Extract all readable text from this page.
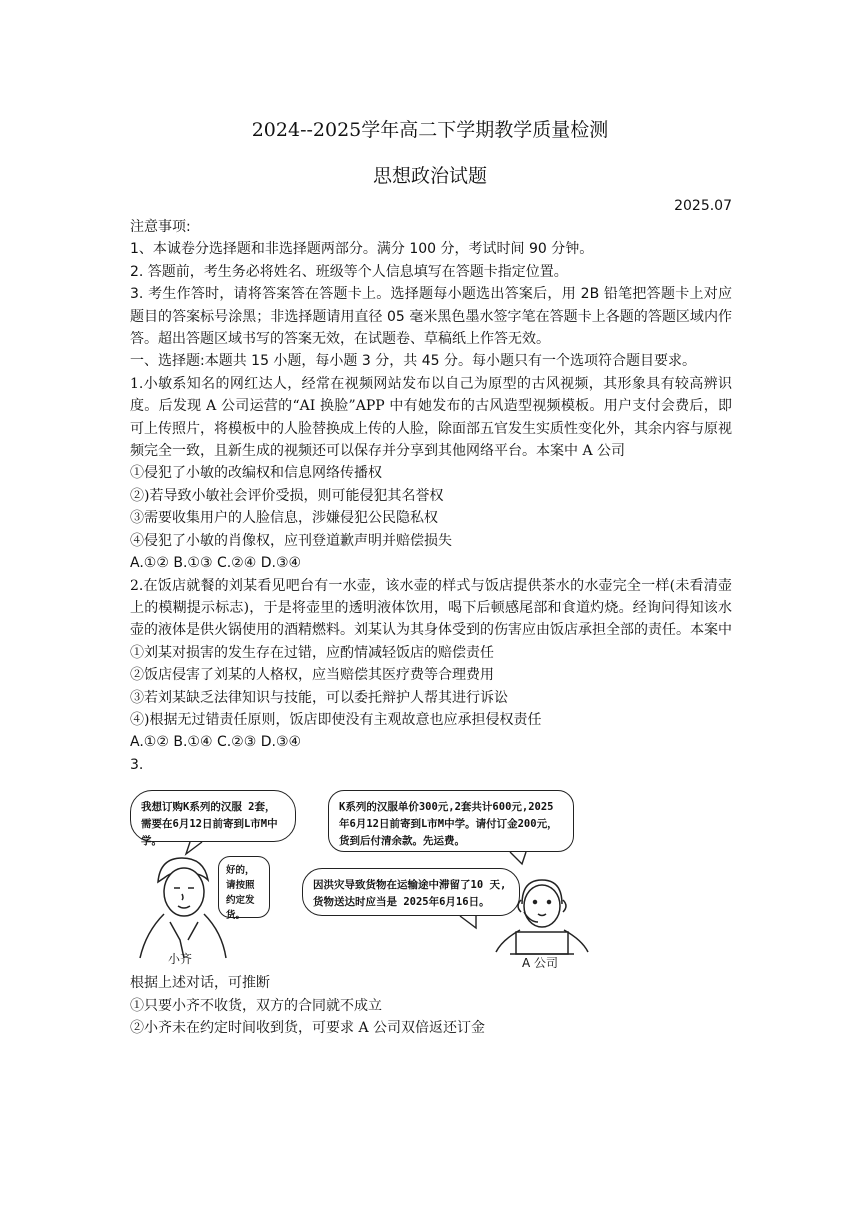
2024--2025学年高二下学期教学质量检测
思想政治试题
2025.07

注意事项:

1、本诚卷分选择题和非选择题两部分。满分 100 分，考试时间 90 分钟。

2. 答题前，考生务必将姓名、班级等个人信息填写在答题卡指定位置。

3. 考生作答时，请将答案答在答题卡上。选择题每小题选出答案后，用 2B 铅笔把答题卡上对应题目的答案标号涂黑；非选择题请用直径 05 毫米黑色墨水签字笔在答题卡上各题的答题区域内作答。超出答题区域书写的答案无效，在试题卷、草稿纸上作答无效。

一、选择题:本题共 15 小题，每小题 3 分，共 45 分。每小题只有一个选项符合题目要求。

1.小敏系知名的网红达人，经常在视频网站发布以自己为原型的古风视频，其形象具有较高辨识度。后发现 A 公司运营的“AI 换脸”APP 中有她发布的古风造型视频模板。用户支付会费后，即可上传照片，将模板中的人脸替换成上传的人脸，除面部五官发生实质性变化外，其余内容与原视频完全一致，且新生成的视频还可以保存并分享到其他网络平台。本案中 A 公司

①侵犯了小敏的改编权和信息网络传播权

②)若导致小敏社会评价受损，则可能侵犯其名誉权

③需要收集用户的人脸信息，涉嫌侵犯公民隐私权

④侵犯了小敏的肖像权，应刊登道歉声明并赔偿损失

A.①② B.①③ C.②④ D.③④

2.在饭店就餐的刘某看见吧台有一水壶，该水壶的样式与饭店提供茶水的水壶完全一样(未看清壶上的模糊提示标志)，于是将壶里的透明液体饮用，喝下后顿感尾部和食道灼烧。经询问得知该水壶的液体是供火锅使用的酒精燃料。刘某认为其身体受到的伤害应由饭店承担全部的责任。本案中

①刘某对损害的发生存在过错，应酌情减轻饭店的赔偿责任

②饭店侵害了刘某的人格权，应当赔偿其医疗费等合理费用

③若刘某缺乏法律知识与技能，可以委托辩护人帮其进行诉讼

④)根据无过错责任原则，饭店即使没有主观故意也应承担侵权责任

A.①② B.①④ C.②③ D.③④

3.

我想订购K系列的汉服 2套，需要在6月12日前寄到L市M中学。
K系列的汉服单价300元,2套共计600元,2025年6月12日前寄到L市M中学。请付订金200元，货到后付清余款。先运费。
好的，请按照约定发货。
因洪灾导致货物在运输途中滞留了10 天,货物送达时应当是 2025年6月16日。
小齐	A 公司

根据上述对话，可推断

①只要小齐不收货，双方的合同就不成立

②小齐未在约定时间收到货，可要求 A 公司双倍返还订金
